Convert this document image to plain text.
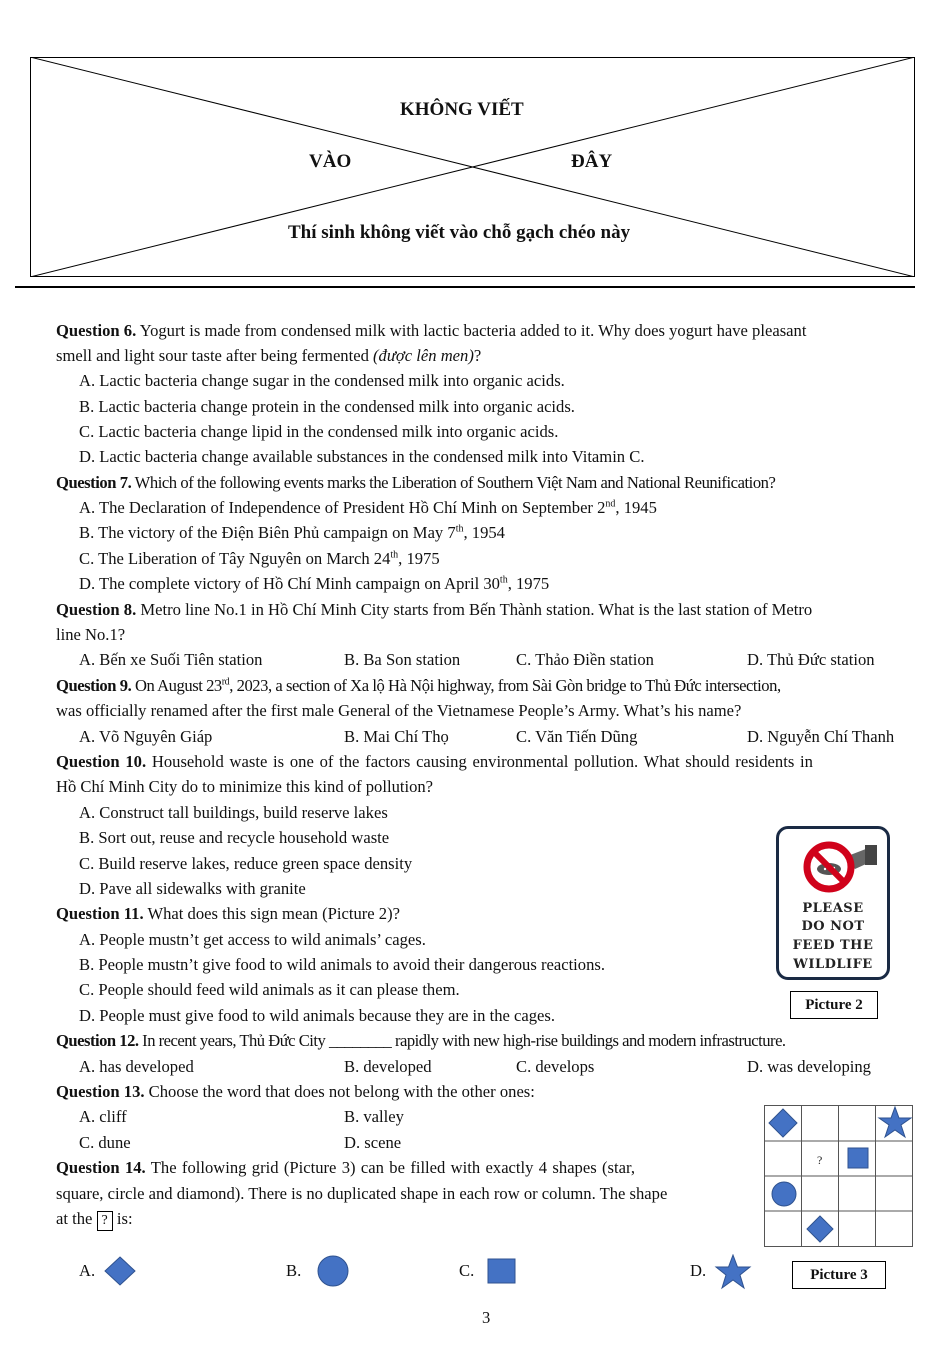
KHÔNG VIẾT
VÀO	ĐÂY
Thí sinh không viết vào chỗ gạch chéo này
Question 6. Yogurt is made from condensed milk with lactic bacteria added to it. Why does yogurt have pleasant
smell and light sour taste after being fermented (được lên men)?
A. Lactic bacteria change sugar in the condensed milk into organic acids.
B. Lactic bacteria change protein in the condensed milk into organic acids.
C. Lactic bacteria change lipid in the condensed milk into organic acids.
D. Lactic bacteria change available substances in the condensed milk into Vitamin C.
Question 7. Which of the following events marks the Liberation of Southern Việt Nam and National Reunification?
A. The Declaration of Independence of President Hồ Chí Minh on September 2nd, 1945
B. The victory of the Điện Biên Phủ campaign on May 7th, 1954
C. The Liberation of Tây Nguyên on March 24th, 1975
D. The complete victory of Hồ Chí Minh campaign on April 30th, 1975
Question 8. Metro line No.1 in Hồ Chí Minh City starts from Bến Thành station. What is the last station of Metro
line No.1?
A. Bến xe Suối Tiên station	B. Ba Son station	C. Thảo Điền station	D. Thủ Đức station
Question 9. On August 23rd, 2023, a section of Xa lộ Hà Nội highway, from Sài Gòn bridge to Thủ Đức intersection,
was officially renamed after the first male General of the Vietnamese People’s Army. What’s his name?
A. Võ Nguyên Giáp	B. Mai Chí Thọ	C. Văn Tiến Dũng	D. Nguyễn Chí Thanh
Question 10. Household waste is one of the factors causing environmental pollution. What should residents in
Hồ Chí Minh City do to minimize this kind of pollution?
A. Construct tall buildings, build reserve lakes
B. Sort out, reuse and recycle household waste
C. Build reserve lakes, reduce green space density
D. Pave all sidewalks with granite
PLEASE
DO NOT
FEED THE
WILDLIFE
Picture 2
Question 11. What does this sign mean (Picture 2)?
A. People mustn’t get access to wild animals’ cages.
B. People mustn’t give food to wild animals to avoid their dangerous reactions.
C. People should feed wild animals as it can please them.
D. People must give food to wild animals because they are in the cages.
Question 12. In recent years, Thủ Đức City ________ rapidly with new high-rise buildings and modern infrastructure.
A. has developed	B. developed	C. develops	D. was developing
Question 13. Choose the word that does not belong with the other ones:
A. cliff	B. valley
C. dune	D. scene
Question 14. The following grid (Picture 3) can be filled with exactly 4 shapes (star,
square, circle and diamond). There is no duplicated shape in each row or column. The shape
at the ? is:
?
Picture 3
A.	B.	C.	D.
3
